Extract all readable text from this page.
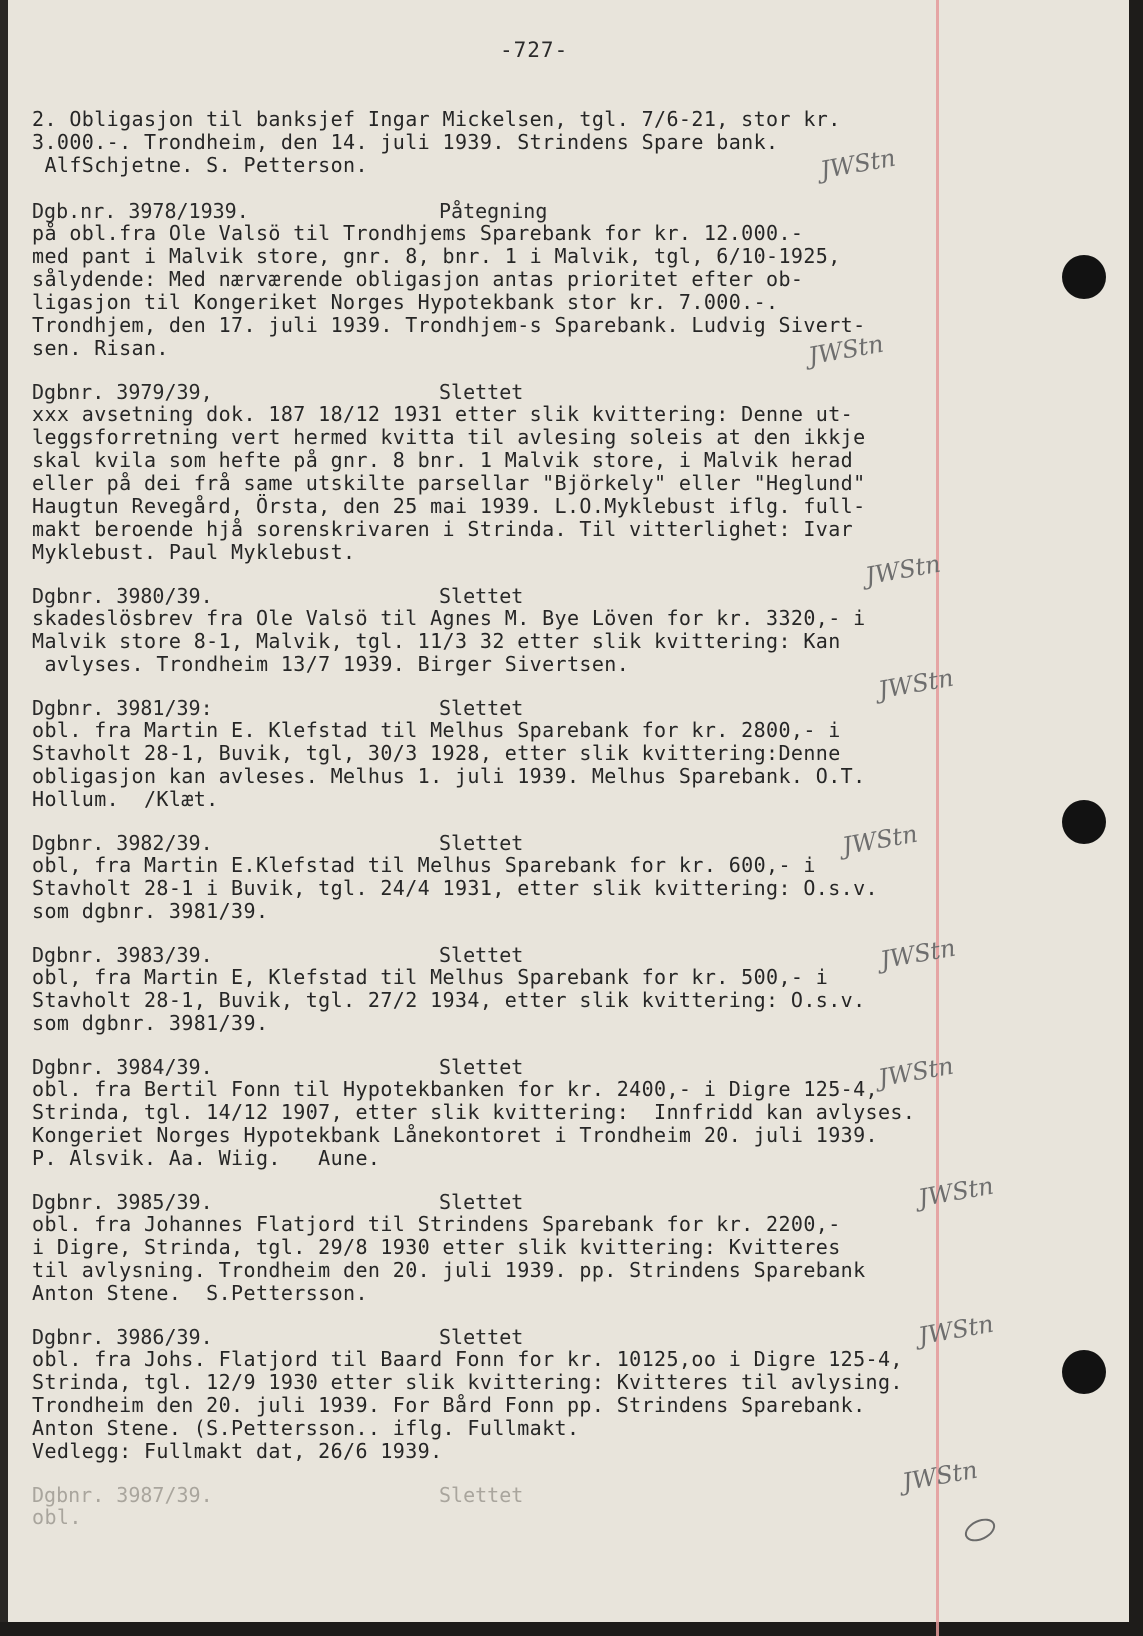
-727-
2. Obligasjon til banksjef Ingar Mickelsen, tgl. 7/6-21, stor kr.
3.000.-. Trondheim, den 14. juli 1939. Strindens Spare bank.
AlfSchjetne. S. Petterson.
Dgb.nr. 3978/1939.	Påtegning
på obl.fra Ole Valsö til Trondhjems Sparebank for kr. 12.000.-
med pant i Malvik store, gnr. 8, bnr. 1 i Malvik, tgl, 6/10-1925,
sålydende: Med nærværende obligasjon antas prioritet efter ob-
ligasjon til Kongeriket Norges Hypotekbank stor kr. 7.000.-.
Trondhjem, den 17. juli 1939. Trondhjem-s Sparebank. Ludvig Sivert-
sen. Risan.
Dgbnr. 3979/39,	Slettet
xxx avsetning dok. 187 18/12 1931 etter slik kvittering: Denne ut-
leggsforretning vert hermed kvitta til avlesing soleis at den ikkje
skal kvila som hefte på gnr. 8 bnr. 1 Malvik store, i Malvik herad
eller på dei frå same utskilte parsellar "Björkely" eller "Heglund"
Haugtun Revegård, Örsta, den 25 mai 1939. L.O.Myklebust iflg. full-
makt beroende hjå sorenskrivaren i Strinda. Til vitterlighet: Ivar
Myklebust. Paul Myklebust.
Dgbnr. 3980/39.	Slettet
skadeslösbrev fra Ole Valsö til Agnes M. Bye Löven for kr. 3320,- i
Malvik store 8-1, Malvik, tgl. 11/3 32 etter slik kvittering: Kan
avlyses. Trondheim 13/7 1939. Birger Sivertsen.
Dgbnr. 3981/39:	Slettet
obl. fra Martin E. Klefstad til Melhus Sparebank for kr. 2800,- i
Stavholt 28-1, Buvik, tgl, 30/3 1928, etter slik kvittering:Denne
obligasjon kan avleses. Melhus 1. juli 1939. Melhus Sparebank. O.T.
Hollum.  /Klæt.
Dgbnr. 3982/39.	Slettet
obl, fra Martin E.Klefstad til Melhus Sparebank for kr. 600,- i
Stavholt 28-1 i Buvik, tgl. 24/4 1931, etter slik kvittering: O.s.v.
som dgbnr. 3981/39.
Dgbnr. 3983/39.	Slettet
obl, fra Martin E, Klefstad til Melhus Sparebank for kr. 500,- i
Stavholt 28-1, Buvik, tgl. 27/2 1934, etter slik kvittering: O.s.v.
som dgbnr. 3981/39.
Dgbnr. 3984/39.	Slettet
obl. fra Bertil Fonn til Hypotekbanken for kr. 2400,- i Digre 125-4,
Strinda, tgl. 14/12 1907, etter slik kvittering:  Innfridd kan avlyses.
Kongeriet Norges Hypotekbank Lånekontoret i Trondheim 20. juli 1939.
P. Alsvik. Aa. Wiig.   Aune.
Dgbnr. 3985/39.	Slettet
obl. fra Johannes Flatjord til Strindens Sparebank for kr. 2200,-
i Digre, Strinda, tgl. 29/8 1930 etter slik kvittering: Kvitteres
til avlysning. Trondheim den 20. juli 1939. pp. Strindens Sparebank
Anton Stene.  S.Pettersson.
Dgbnr. 3986/39.	Slettet
obl. fra Johs. Flatjord til Baard Fonn for kr. 10125,oo i Digre 125-4,
Strinda, tgl. 12/9 1930 etter slik kvittering: Kvitteres til avlysing.
Trondheim den 20. juli 1939. For Bård Fonn pp. Strindens Sparebank.
Anton Stene. (S.Pettersson.. iflg. Fullmakt.
Vedlegg: Fullmakt dat, 26/6 1939.
Dgbnr. 3987/39.	Slettet
obl.
JWStn
JWStn
JWStn
JWStn
JWStn
JWStn
JWStn
JWStn
JWStn
JWStn
